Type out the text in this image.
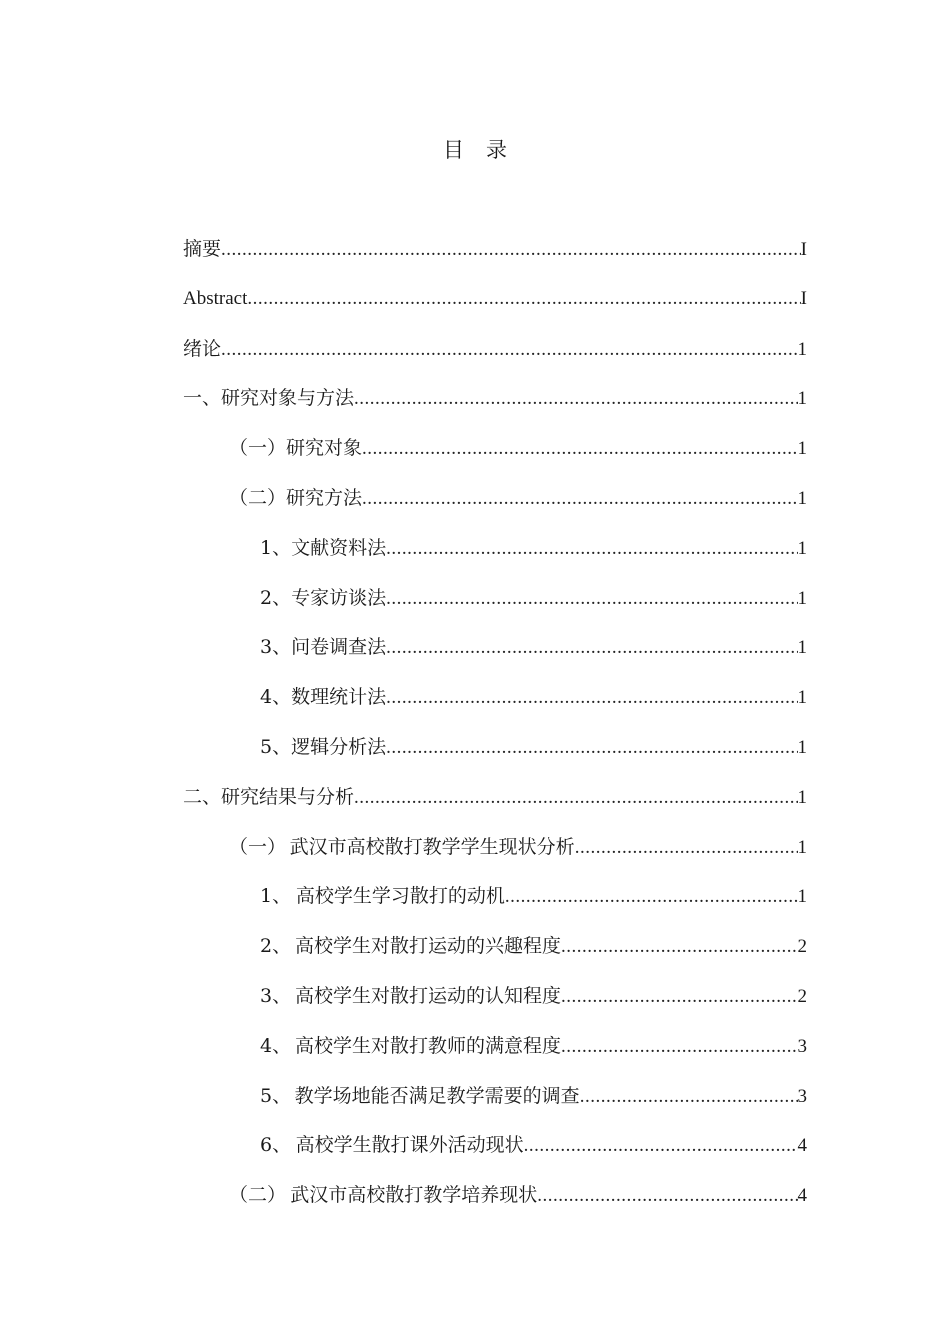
目录
摘要 .....	I
Abstract .....	I
绪论 .....	1
一、 研究对象与方法 .....	1
（一） 研究对象 .....	1
（二） 研究方法 .....	1
1、 文献资料法 .....	1
2、 专家访谈法 .....	1
3、 问卷调查法 .....	1
4、 数理统计法 .....	1
5、 逻辑分析法 .....	1
二、 研究结果与分析 .....	1
（一） 武汉市高校散打教学学生现状分析 .....	1
1、 高校学生学习散打的动机 .....	1
2、 高校学生对散打运动的兴趣程度 .....	2
3、 高校学生对散打运动的认知程度 .....	2
4、 高校学生对散打教师的满意程度 .....	3
5、 教学场地能否满足教学需要的调查 .....	3
6、 高校学生散打课外活动现状 .....	4
（二） 武汉市高校散打教学培养现状 .....	4
